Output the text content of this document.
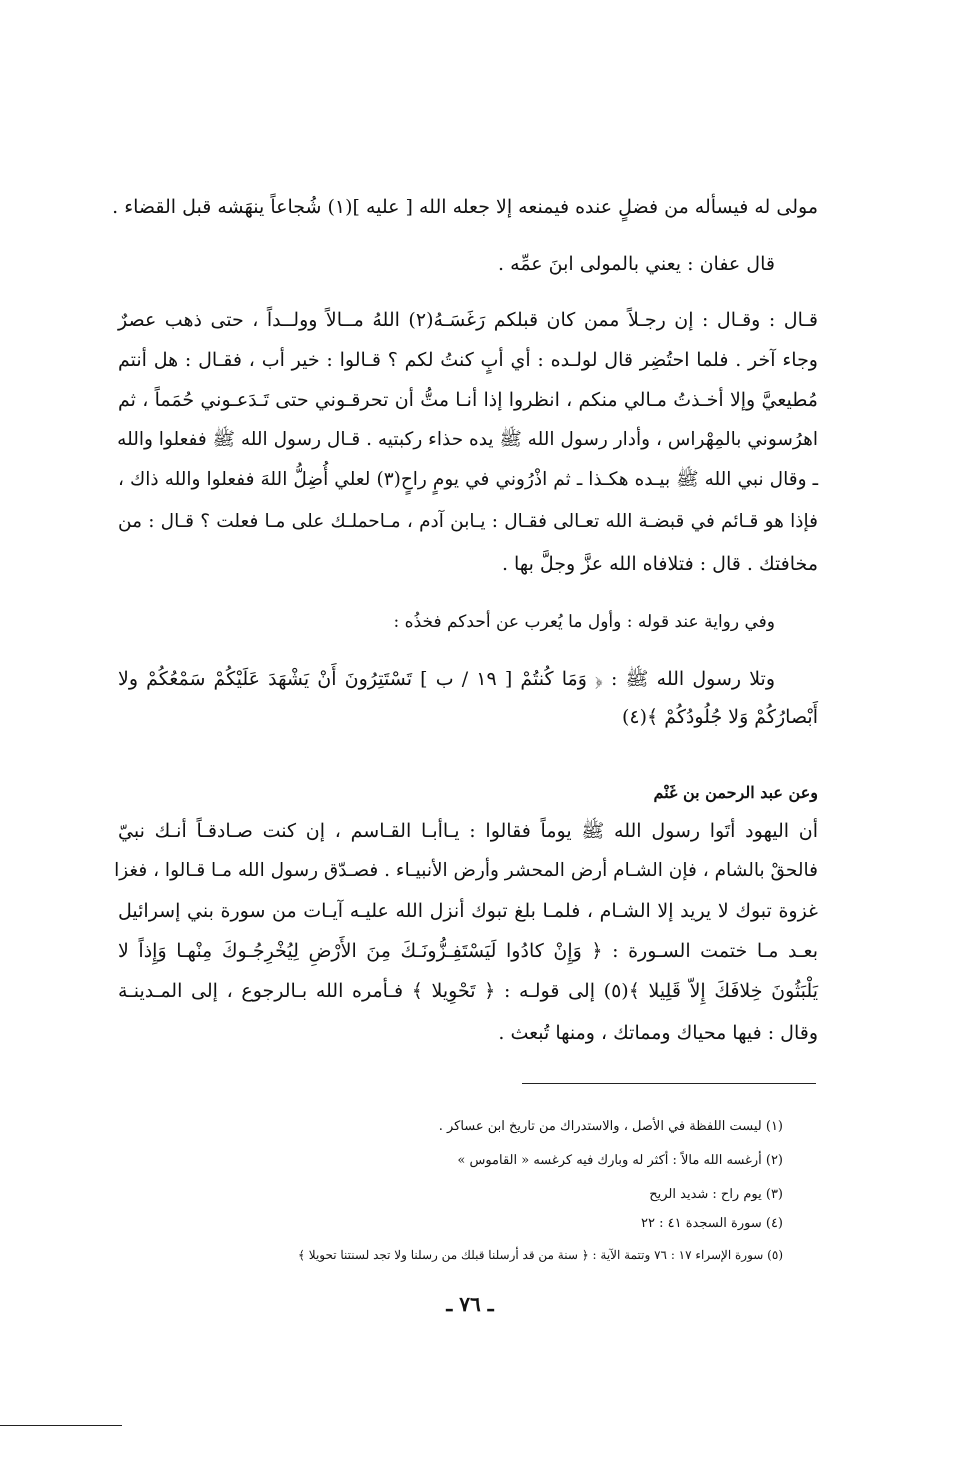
مولى له فيسأله من فضلٍ عنده فيمنعه إلا جعله الله [ عليه ](١) شُجاعاً ينهَشه قبل القضاء .
قال عفان : يعني بالمولى ابنَ عمِّه .
قـال : وقـال : إن رجـلاً ممن كان قبلكم رَغَسَـهُ(٢) اللهُ مــالاً وولــداً ، حتى ذهب عصرٌ
وجاء آخر . فلما احتُضِر قال لولـده : أي أبٍ كنتُ لكم ؟ قـالوا : خير أب ، فقـال : هل أنتم
مُطيعيَّ وإلا أخـذتُ مـالي منكم ، انظروا إذا أنـا متُّ أن تحرقـوني حتى تَـدَعـوني حُمَماً ، ثم
اهرُسوني بالمِهْراس ، وأدار رسول الله ﷺ يده حذاء ركبتيه . قـال رسول الله ﷺ ففعلوا والله
ـ وقال نبي الله ﷺ بيـده هكـذا ـ ثم اذْرُوني في يومٍ راحٍ(٣) لعلي أُضِلُّ اللهَ ففعلوا والله ذاك ،
فإذا هو قـائم في قبضـة الله تعـالى فقـال : يـابن آدم ، مـاحملـك على مـا فعلت ؟ قـال : من
مخافتك . قال : فتلافاه الله عزَّ وجلَّ بها .
وفي رواية عند قوله : وأول ما يُعرب عن أحدكم فخذُه :
وتلا رسول الله ﷺ : ﴿ وَمَا كُنتُمْ [ ١٩ / ب ] تَسْتَتِرُونَ أَنْ يَشْهَدَ عَلَيْكُمْ سَمْعُكُمْ ولا
أَبْصارُكُمْ وَلا جُلُودُكُمْ ﴾(٤)
وعن عبد الرحمن بن غَنْم
أن اليهود أتَوا رسول الله ﷺ يوماً فقالوا : يـاأبـا القـاسم ، إن كنت صـادقـاً أنـك نبيّ
فالحقْ بالشام ، فإن الشـام أرض المحشر وأرض الأنبيـاء . فصـدّق رسول الله مـا قـالوا ، فغزا
غزوة تبوك لا يريد إلا الشـام ، فلمـا بلغ تبوك أنزل الله عليـه آيـات من سورة بني إسرائيل
بعـد مـا ختمت السـورة : ﴿ وَإِنْ كادُوا لَيَسْتَفِـزُّونَـكَ مِنَ الأَرْضِ لِيُخْرِجُـوكَ مِنْهـا وَإِذاً لا
يَلْبَثُونَ خِلافَكَ إِلاّ قَلِيلا ﴾(٥) إلى قولـه : ﴿ تَحْوِيلا ﴾ فـأمره الله بـالرجوع ، إلى المـدينـة
وقال : فيها محياك ومماتك ، ومنها تُبعث .
(١) ليست اللفظة في الأصل ، والاستدراك من تاريخ ابن عساكر .
(٢) أرغسه الله مالاً : أكثر له وبارك فيه كرغسه « القاموس »
(٣) يوم راح : شديد الريح
(٤) سورة السجدة ٤١ : ٢٢
(٥) سورة الإسراء ١٧ : ٧٦ وتتمة الآية : ﴿ سنة من قد أرسلنا قبلك من رسلنا ولا تجد لسنتنا تحويلا ﴾
ـ ٧٦ ـ
